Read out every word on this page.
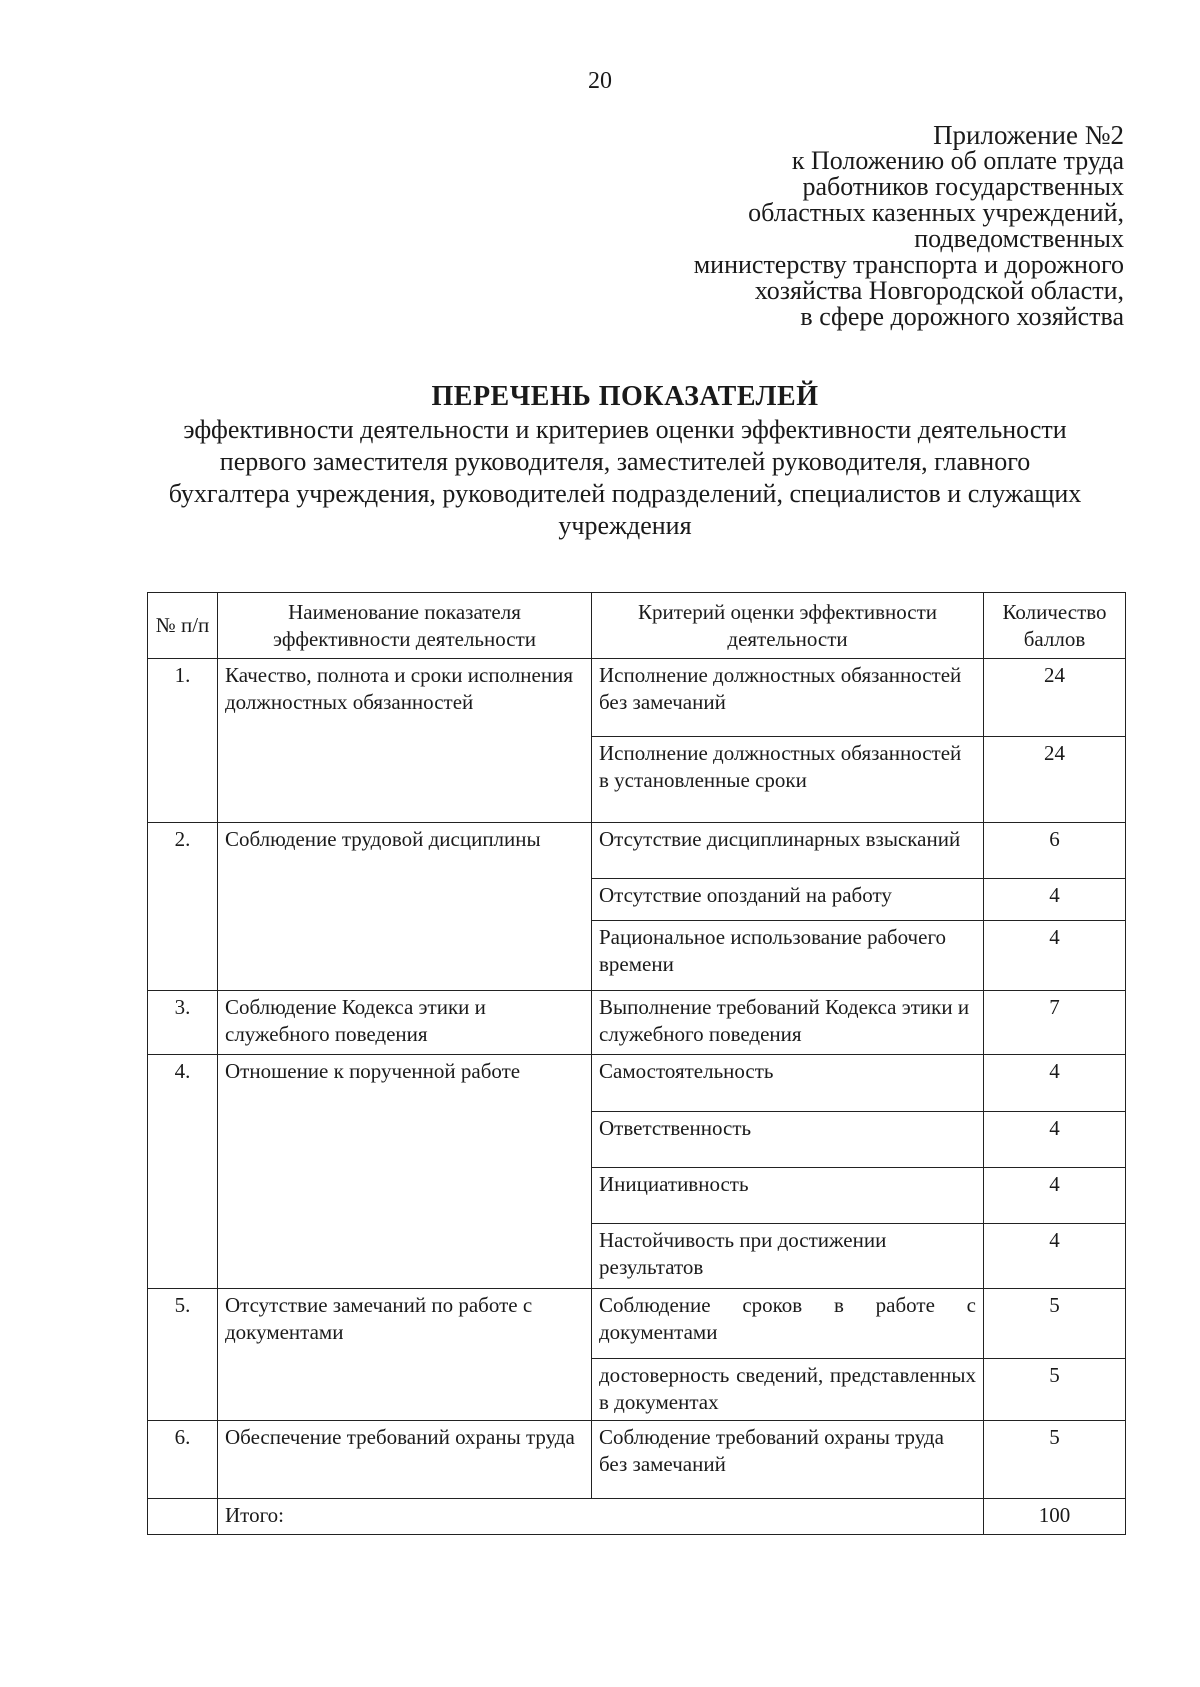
20
Приложение №2
к Положению об оплате труда
работников государственных
областных казенных учреждений,
подведомственных
министерству транспорта и дорожного
хозяйства Новгородской области,
в сфере дорожного хозяйства
ПЕРЕЧЕНЬ ПОКАЗАТЕЛЕЙ
эффективности деятельности и критериев оценки эффективности деятельности
первого заместителя руководителя, заместителей руководителя, главного
бухгалтера учреждения, руководителей подразделений, специалистов и служащих
учреждения
№ п/п	Наименование показателя эффективности деятельности	Критерий оценки эффективности деятельности	Количество баллов
1.	Качество, полнота и сроки исполнения должностных обязанностей	Исполнение должностных обязанностей без замечаний	24
		Исполнение должностных обязанностей в установленные сроки	24
2.	Соблюдение трудовой дисциплины	Отсутствие дисциплинарных взысканий	6
		Отсутствие опозданий на работу	4
		Рациональное использование рабочего времени	4
3.	Соблюдение Кодекса этики и служебного поведения	Выполнение требований Кодекса этики и служебного поведения	7
4.	Отношение к порученной работе	Самостоятельность	4
		Ответственность	4
		Инициативность	4
		Настойчивость при достижении результатов	4
5.	Отсутствие замечаний по работе с документами	Соблюдение сроков в работе с документами	5
		достоверность сведений, представленных в документах	5
6.	Обеспечение требований охраны труда	Соблюдение требований охраны труда без замечаний	5
	Итого:		100
